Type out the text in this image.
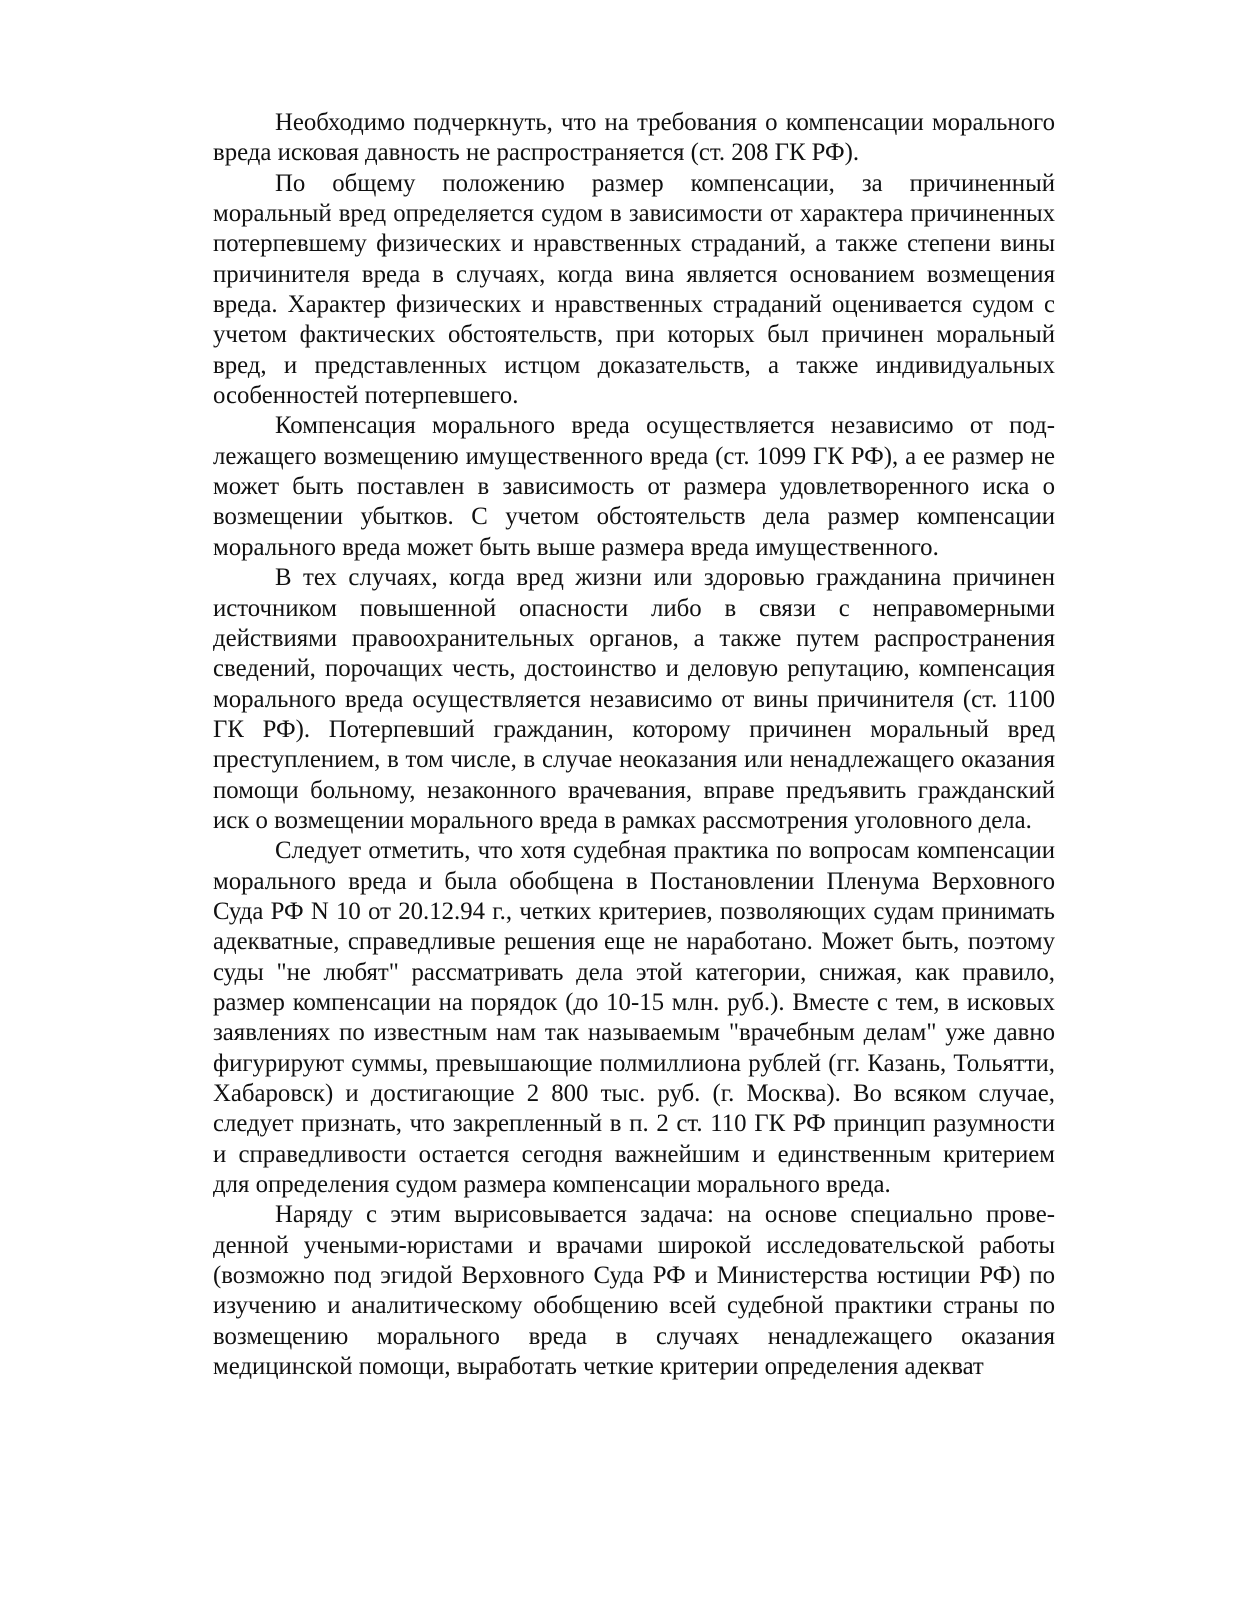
Необходимо подчеркнуть, что на требования о компенсации морального вреда исковая давность не распространяется (ст. 208 ГК РФ).

По общему положению размер компенсации, за причиненный моральный вред определяется судом в зависимости от характера причиненных потерпевшему физических и нравственных страданий, а также степени вины причинителя вреда в случаях, когда вина является основанием возмещения вреда. Характер физических и нравственных страданий оценивается судом с учетом фактических обстоятельств, при которых был причинен моральный вред, и представленных истцом доказательств, а также индивидуальных особенностей потерпевшего.

Компенсация морального вреда осуществляется независимо от подлежащего возмещению имущественного вреда (ст. 1099 ГК РФ), а ее размер не может быть поставлен в зависимость от размера удовлетворенного иска о возмещении убытков. С учетом обстоятельств дела размер компенсации морального вреда может быть выше размера вреда имущественного.

В тех случаях, когда вред жизни или здоровью гражданина причинен источником повышенной опасности либо в связи с неправомерными действиями правоохранительных органов, а также путем распространения сведений, порочащих честь, достоинство и деловую репутацию, компенсация морального вреда осуществляется независимо от вины причинителя (ст. 1100 ГК РФ). Потерпевший гражданин, которому причинен моральный вред преступлением, в том числе, в случае неоказания или ненадлежащего оказания помощи больному, незаконного врачевания, вправе предъявить гражданский иск о возмещении морального вреда в рамках рассмотрения уголовного дела.

Следует отметить, что хотя судебная практика по вопросам компенсации морального вреда и была обобщена в Постановлении Пленума Верховного Суда РФ N 10 от 20.12.94 г., четких критериев, позволяющих судам принимать адекватные, справедливые решения еще не наработано. Может быть, поэтому суды "не любят" рассматривать дела этой категории, снижая, как правило, размер компенсации на порядок (до 10-15 млн. руб.). Вместе с тем, в исковых заявлениях по известным нам так называемым "врачебным делам" уже давно фигурируют суммы, превышающие полмиллиона рублей (гг. Казань, Тольятти, Хабаровск) и достигающие 2 800 тыс. руб. (г. Москва). Во всяком случае, следует признать, что закрепленный в п. 2 ст. 110 ГК РФ принцип разумности и справедливости остается сегодня важнейшим и единственным критерием для определения судом размера компенсации морального вреда.

Наряду с этим вырисовывается задача: на основе специально проведенной учеными-юристами и врачами широкой исследовательской работы (возможно под эгидой Верховного Суда РФ и Министерства юстиции РФ) по изучению и аналитическому обобщению всей судебной практики страны по возмещению морального вреда в случаях ненадлежащего оказания медицинской помощи, выработать четкие критерии определения адекват
